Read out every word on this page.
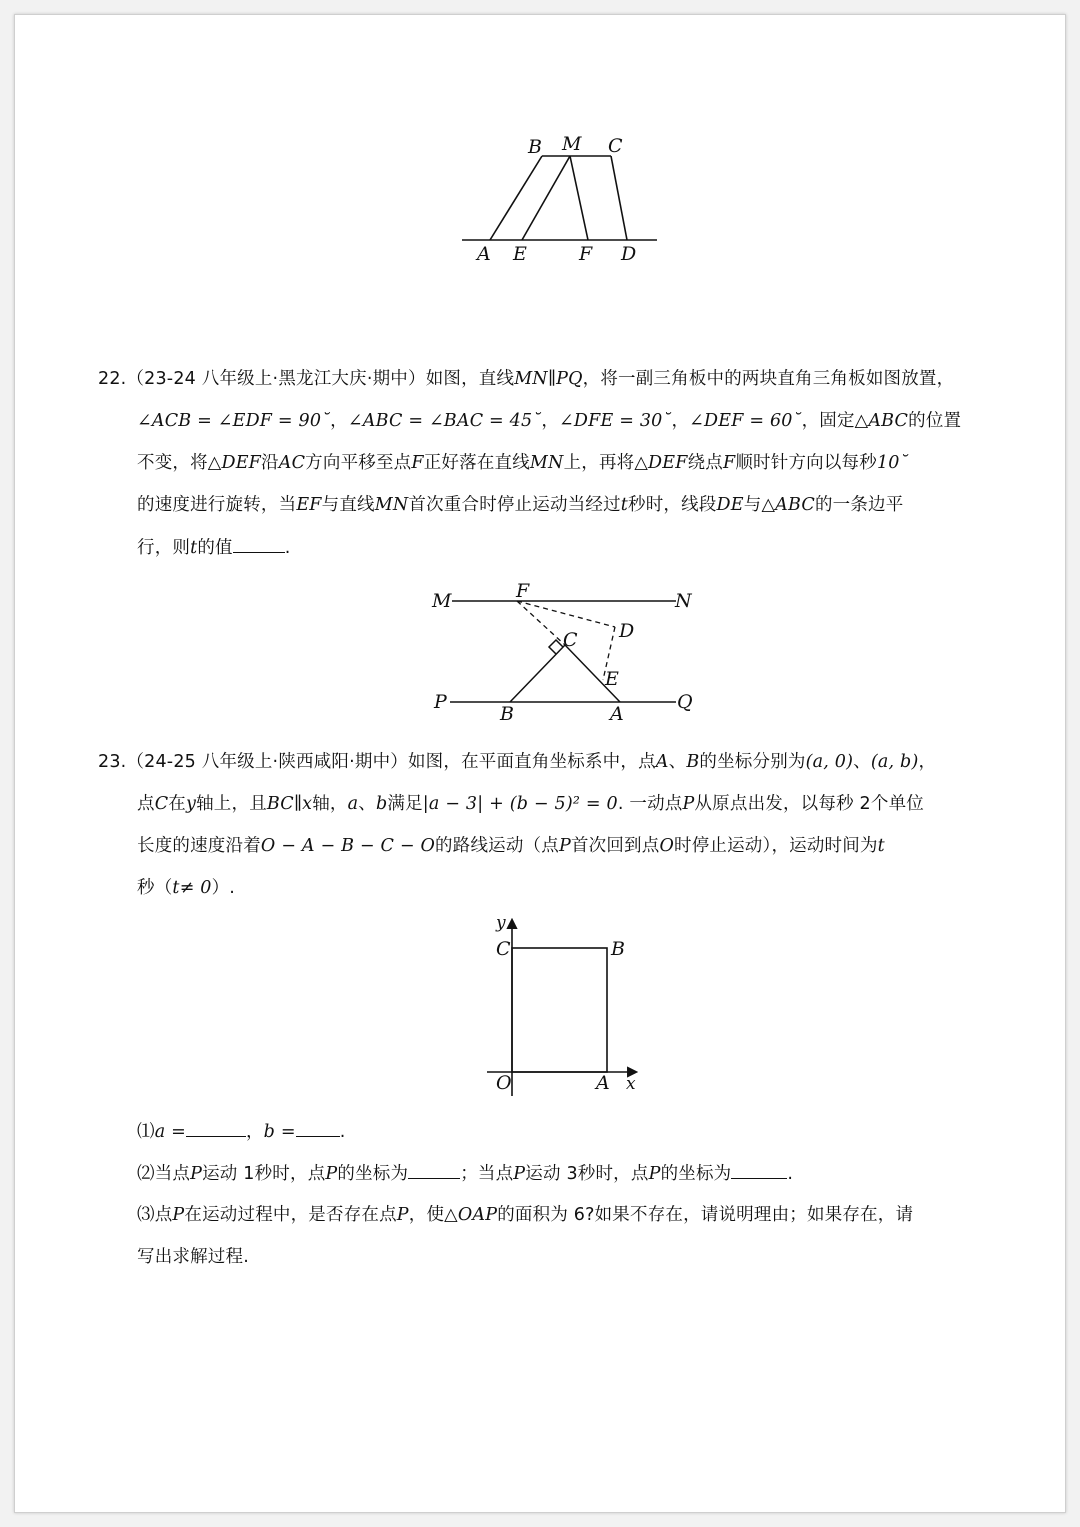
B M C
A E	F D
22.（23-24 八年级上·黑龙江大庆·期中）如图，直线MN∥PQ，将一副三角板中的两块直角三角板如图放置，
∠ACB = ∠EDF = 90˘，∠ABC = ∠BAC = 45˘，∠DFE = 30˘，∠DEF = 60˘，固定△ABC的位置
不变，将△DEF沿AC方向平移至点F正好落在直线MN上，再将△DEF绕点F顺时针方向以每秒10˘
的速度进行旋转，当EF与直线MN首次重合时停止运动当经过t秒时，线段DE与△ABC的一条边平
行，则t的值	.
M	F	N
D
C
E
P
B	A
Q
23.（24-25 八年级上·陕西咸阳·期中）如图，在平面直角坐标系中，点A、B的坐标分别为(a, 0)、(a, b)，
点C在y轴上，且BC∥x轴，a、b满足|a − 3| + (b − 5)² = 0. 一动点P从原点出发，以每秒 2个单位
长度的速度沿着O − A − B − C − O的路线运动（点P首次回到点O时停止运动），运动时间为t
秒（t≠ 0）.
y
x
C	B
O	A
⑴a =	，b =	.
⑵当点P运动 1秒时，点P的坐标为	；当点P运动 3秒时，点P的坐标为	.
⑶点P在运动过程中，是否存在点P，使△OAP的面积为 6?如果不存在，请说明理由；如果存在，请
写出求解过程.
